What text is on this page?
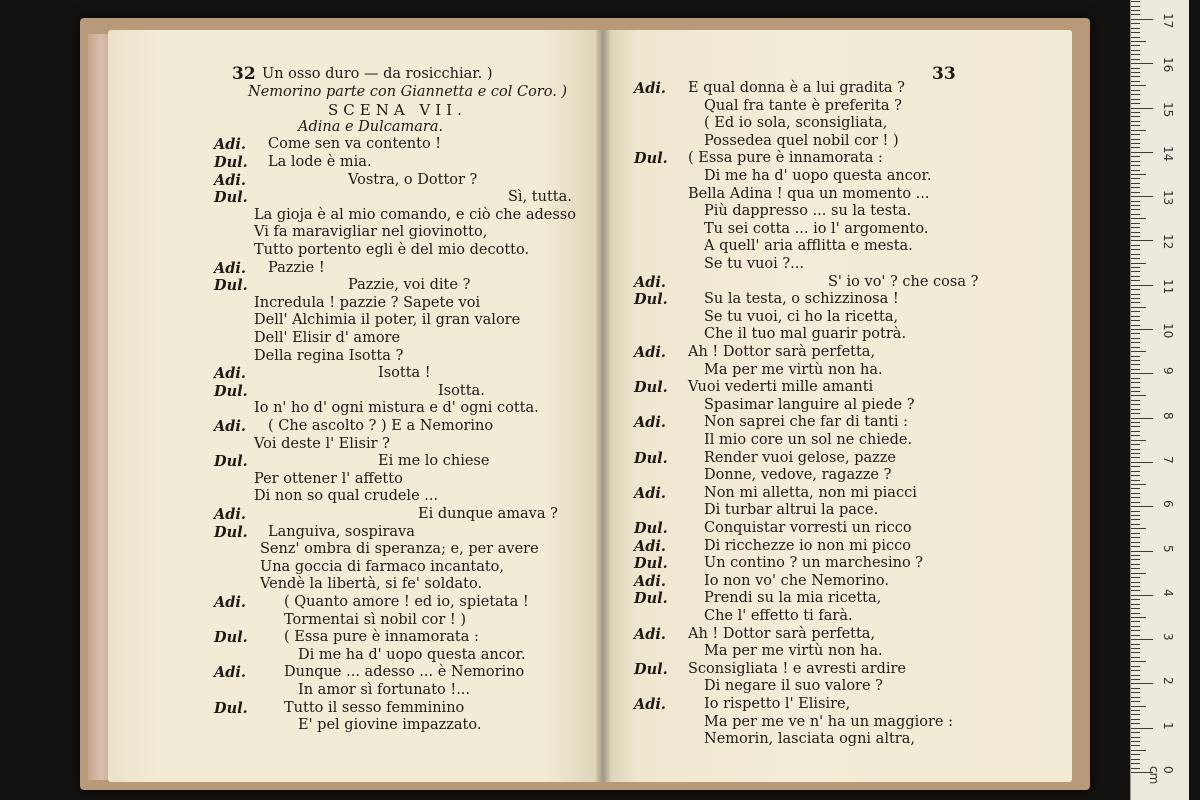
32 Un osso duro — da rosicchiar. )
Nemorino parte con Giannetta e col Coro. )
SCENA VII.
Adina e Dulcamara.
Adi. Come sen va contento !
Dul. La lode è mia.
Adi.	Vostra, o Dottor ?
Dul.	Sì, tutta.
La gioja è al mio comando, e ciò che adesso
Vi fa maravigliar nel giovinotto,
Tutto portento egli è del mio decotto.
Adi. Pazzie !
Dul.	Pazzie, voi dite ?
Incredula ! pazzie ? Sapete voi
Dell' Alchimia il poter, il gran valore
Dell' Elisir d' amore
Della regina Isotta ?
Adi.	Isotta !
Dul.	Isotta.
Io n' ho d' ogni mistura e d' ogni cotta.
Adi. ( Che ascolto ? ) E a Nemorino
Voi deste l' Elisir ?
Dul.	Ei me lo chiese
Per ottener l' affetto
Di non so qual crudele ...
Adi.	Ei dunque amava ?
Dul. Languiva, sospirava
Senz' ombra di speranza; e, per avere
Una goccia di farmaco incantato,
Vendè la libertà, si fe' soldato.
Adi.	( Quanto amore ! ed io, spietata !
Tormentai sì nobil cor ! )
Dul.	( Essa pure è innamorata :
Di me ha d' uopo questa ancor.
Adi.	Dunque ... adesso ... è Nemorino
In amor sì fortunato !...
Dul.	Tutto il sesso femminino
E' pel giovine impazzato.
33
Adi. E qual donna è a lui gradita ?
Qual fra tante è preferita ?
( Ed io sola, sconsigliata,
Possedea quel nobil cor ! )
Dul. ( Essa pure è innamorata :
Di me ha d' uopo questa ancor.
Bella Adina ! qua un momento ...
Più dappresso ... su la testa.
Tu sei cotta ... io l' argomento.
A quell' aria afflitta e mesta.
Se tu vuoi ?...
Adi.	S' io vo' ? che cosa ?
Dul.	Su la testa, o schizzinosa !
Se tu vuoi, ci ho la ricetta,
Che il tuo mal guarir potrà.
Adi. Ah ! Dottor sarà perfetta,
Ma per me virtù non ha.
Dul. Vuoi vederti mille amanti
Spasimar languire al piede ?
Adi.	Non saprei che far di tanti :
Il mio core un sol ne chiede.
Dul.	Render vuoi gelose, pazze
Donne, vedove, ragazze ?
Adi.	Non mi alletta, non mi piacci
Di turbar altrui la pace.
Dul.	Conquistar vorresti un ricco
Adi.	Di ricchezze io non mi picco
Dul.	Un contino ? un marchesino ?
Adi.	Io non vo' che Nemorino.
Dul.	Prendi su la mia ricetta,
Che l' effetto ti farà.
Adi. Ah ! Dottor sarà perfetta,
Ma per me virtù non ha.
Dul. Sconsigliata ! e avresti ardire
Di negare il suo valore ?
Adi.	Io rispetto l' Elisire,
Ma per me ve n' ha un maggiore :
Nemorin, lasciata ogni altra,
0 cm
1
2
3
4
5
6
7
8
9
10
11
12
13
14
15
16
17
